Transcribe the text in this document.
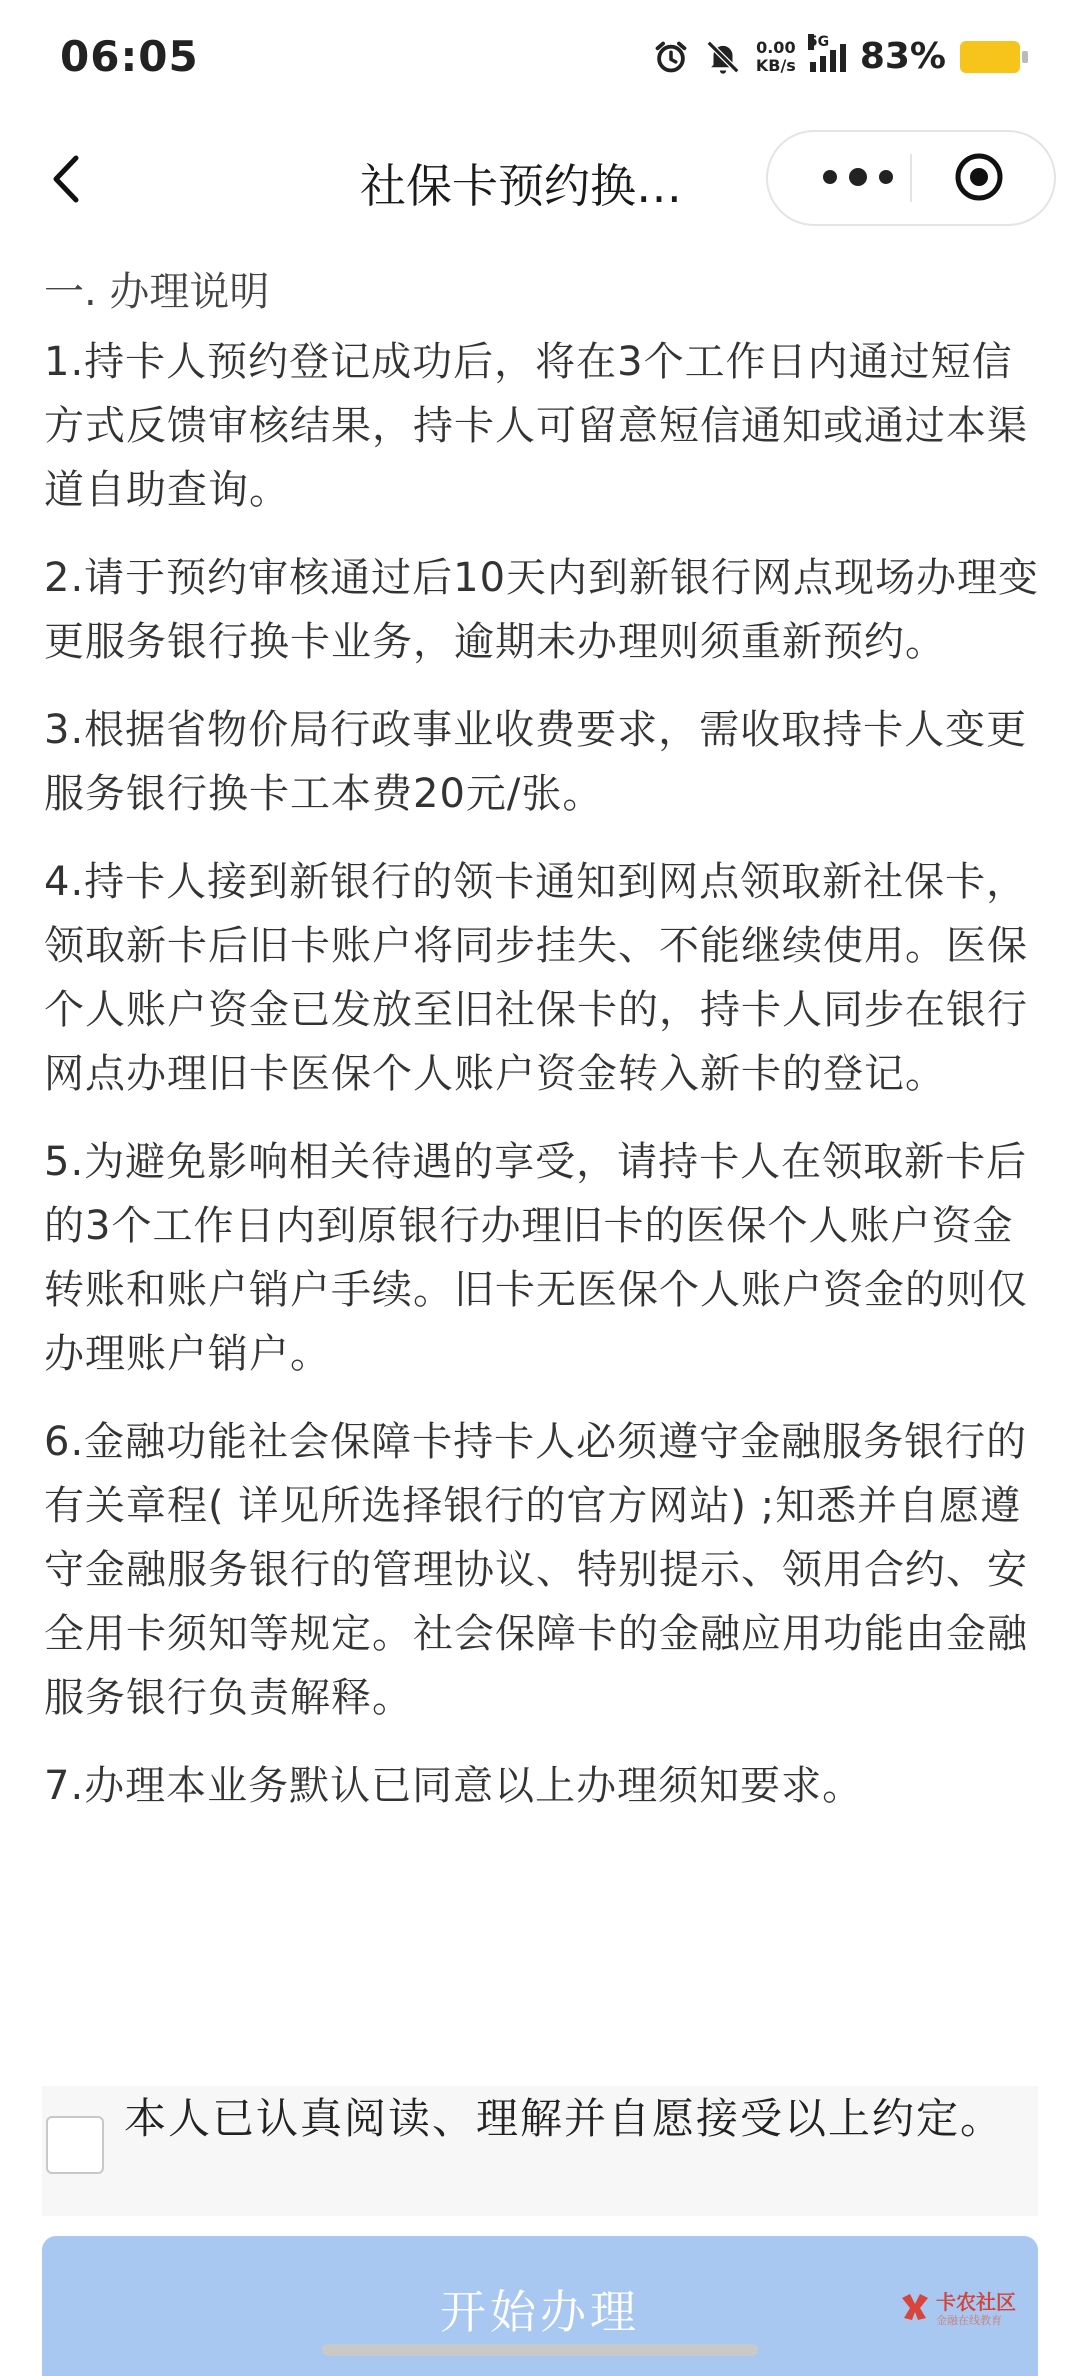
06:05	0.00
KB/s
5G 83%
社保卡预约换…
一. 办理说明

1.持卡人预约登记成功后，将在3个工作日内通过短信方式反馈审核结果，持卡人可留意短信通知或通过本渠道自助查询。

2.请于预约审核通过后10天内到新银行网点现场办理变更服务银行换卡业务，逾期未办理则须重新预约。

3.根据省物价局行政事业收费要求，需收取持卡人变更服务银行换卡工本费20元/张。

4.持卡人接到新银行的领卡通知到网点领取新社保卡，领取新卡后旧卡账户将同步挂失、不能继续使用。医保个人账户资金已发放至旧社保卡的，持卡人同步在银行网点办理旧卡医保个人账户资金转入新卡的登记。

5.为避免影响相关待遇的享受，请持卡人在领取新卡后的3个工作日内到原银行办理旧卡的医保个人账户资金转账和账户销户手续。旧卡无医保个人账户资金的则仅办理账户销户。

6.金融功能社会保障卡持卡人必须遵守金融服务银行的有关章程( 详见所选择银行的官方网站) ;知悉并自愿遵守金融服务银行的管理协议、特别提示、领用合约、安全用卡须知等规定。社会保障卡的金融应用功能由金融服务银行负责解释。

7.办理本业务默认已同意以上办理须知要求。

本人已认真阅读、理解并自愿接受以上约定。
开始办理	卡农社区
金融在线教育
